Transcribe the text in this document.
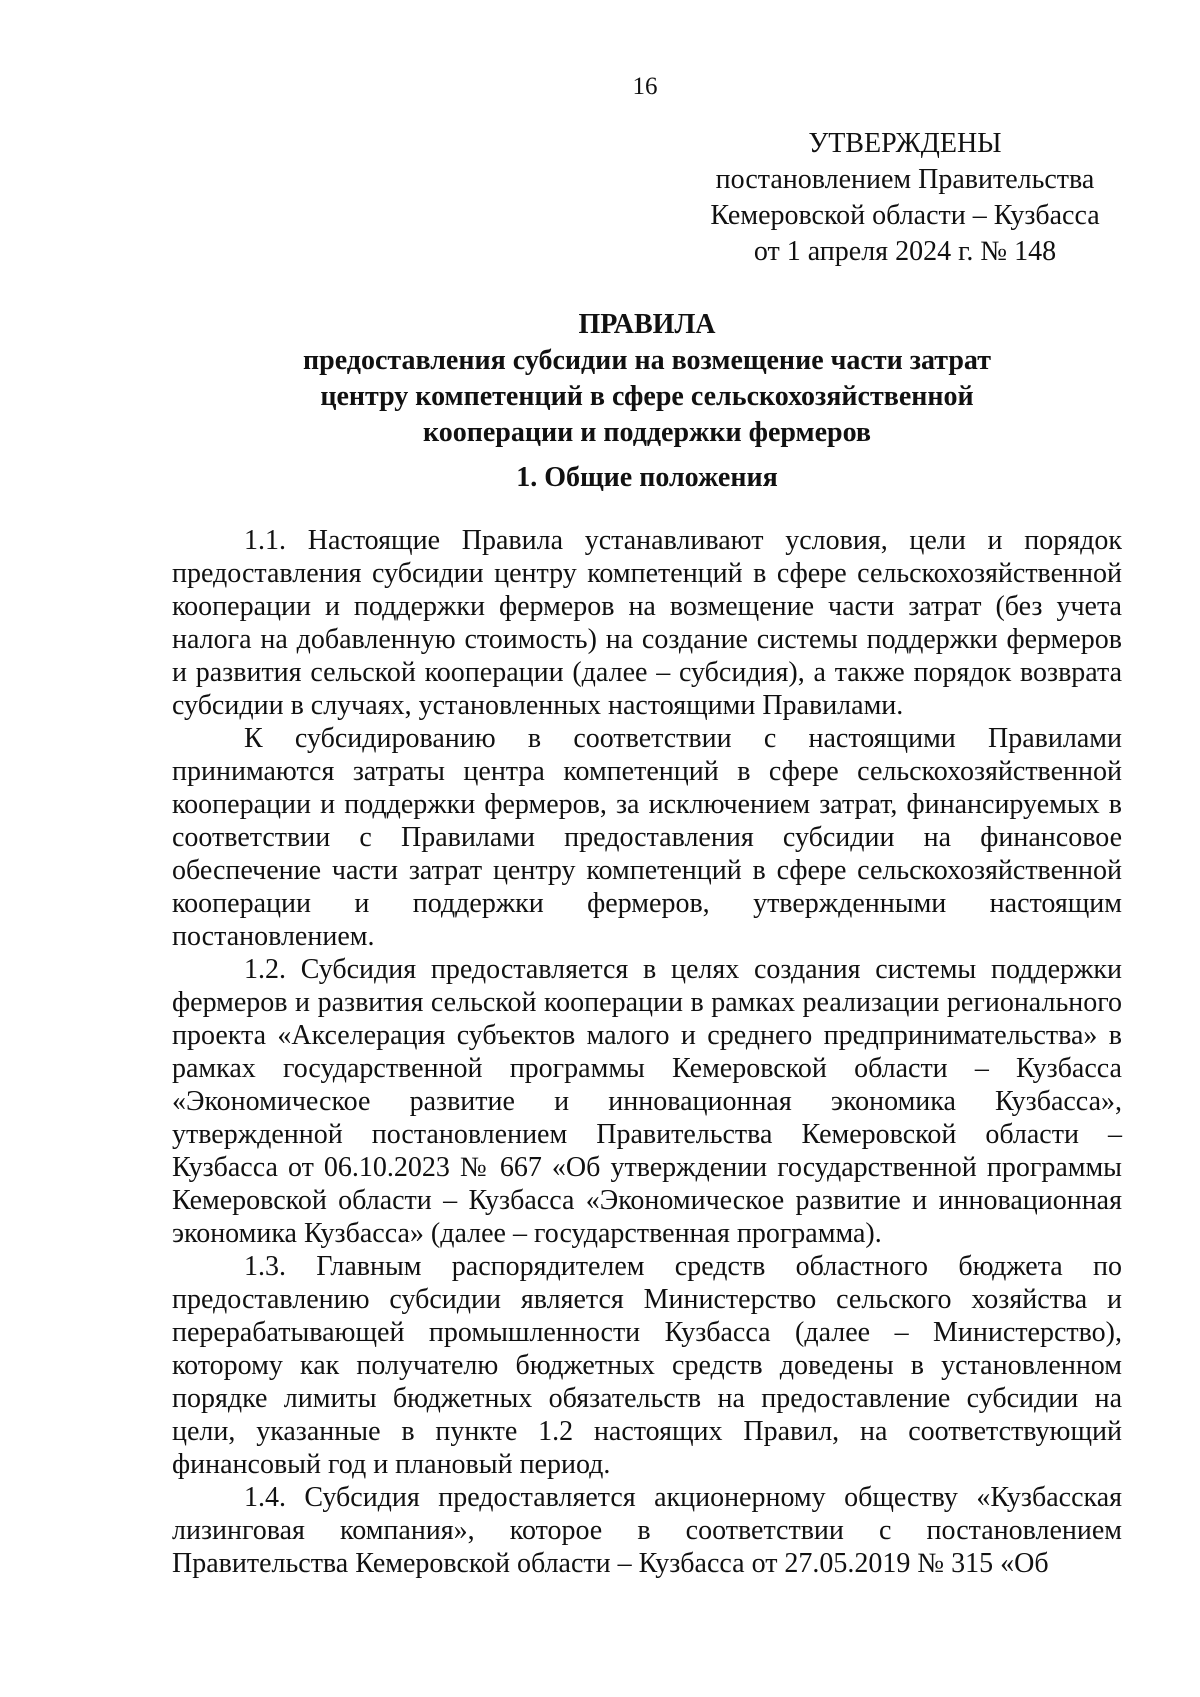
16
УТВЕРЖДЕНЫ
постановлением Правительства
Кемеровской области – Кузбасса
от 1 апреля 2024 г. № 148
ПРАВИЛА
предоставления субсидии на возмещение части затрат
центру компетенций в сфере сельскохозяйственной
кооперации и поддержки фермеров
1. Общие положения

1.1. Настоящие Правила устанавливают условия, цели и порядок предоставления субсидии центру компетенций в сфере сельскохозяйственной кооперации и поддержки фермеров на возмещение части затрат (без учета налога на добавленную стоимость) на создание системы поддержки фермеров и развития сельской кооперации (далее – субсидия), а также порядок возврата субсидии в случаях, установленных настоящими Правилами.

К субсидированию в соответствии с настоящими Правилами принимаются затраты центра компетенций в сфере сельскохозяйственной кооперации и поддержки фермеров, за исключением затрат, финансируемых в соответствии с Правилами предоставления субсидии на финансовое обеспечение части затрат центру компетенций в сфере сельскохозяйственной кооперации и поддержки фермеров, утвержденными настоящим постановлением.

1.2. Субсидия предоставляется в целях создания системы поддержки фермеров и развития сельской кооперации в рамках реализации регионального проекта «Акселерация субъектов малого и среднего предпринимательства» в рамках государственной программы Кемеровской области – Кузбасса «Экономическое развитие и инновационная экономика Кузбасса», утвержденной постановлением Правительства Кемеровской области – Кузбасса от 06.10.2023 № 667 «Об утверждении государственной программы Кемеровской области – Кузбасса «Экономическое развитие и инновационная экономика Кузбасса» (далее – государственная программа).

1.3. Главным распорядителем средств областного бюджета по предоставлению субсидии является Министерство сельского хозяйства и перерабатывающей промышленности Кузбасса (далее – Министерство), которому как получателю бюджетных средств доведены в установленном порядке лимиты бюджетных обязательств на предоставление субсидии на цели, указанные в пункте 1.2 настоящих Правил, на соответствующий финансовый год и плановый период.

1.4. Субсидия предоставляется акционерному обществу «Кузбасская лизинговая компания», которое в соответствии с постановлением Правительства Кемеровской области – Кузбасса от 27.05.2019 № 315 «Об
